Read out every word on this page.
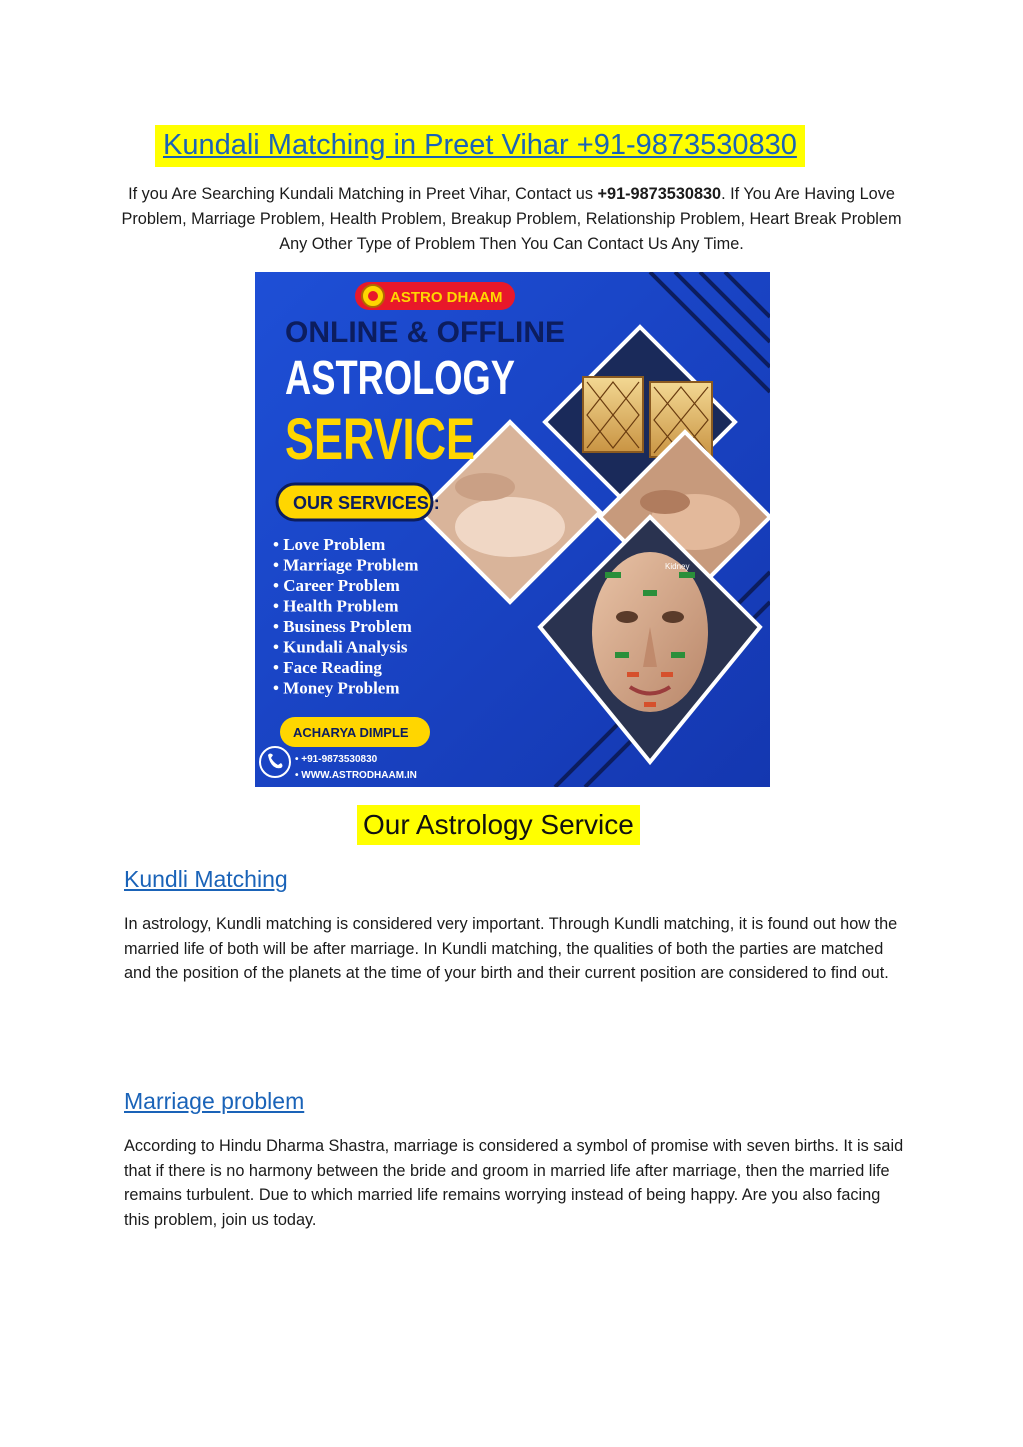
Kundali Matching in Preet Vihar +91-9873530830
If you Are Searching Kundali Matching in Preet Vihar, Contact us +91-9873530830. If You Are Having Love Problem, Marriage Problem, Health Problem, Breakup Problem, Relationship Problem, Heart Break Problem Any Other Type of Problem Then You Can Contact Us Any Time.
Kidney
ASTRO DHAAM
ONLINE & OFFLINE
ASTROLOGY
SERVICE
OUR SERVICES :
• Love Problem
• Marriage Problem
• Career Problem
• Health Problem
• Business Problem
• Kundali Analysis
• Face Reading
• Money Problem
ACHARYA DIMPLE
• +91-9873530830
• WWW.ASTRODHAAM.IN
Our Astrology Service
Kundli Matching
In astrology, Kundli matching is considered very important. Through Kundli matching, it is found out how the married life of both will be after marriage. In Kundli matching, the qualities of both the parties are matched and the position of the planets at the time of your birth and their current position are considered to find out.
Marriage problem
According to Hindu Dharma Shastra, marriage is considered a symbol of promise with seven births. It is said that if there is no harmony between the bride and groom in married life after marriage, then the married life remains turbulent. Due to which married life remains worrying instead of being happy. Are you also facing this problem, join us today.
